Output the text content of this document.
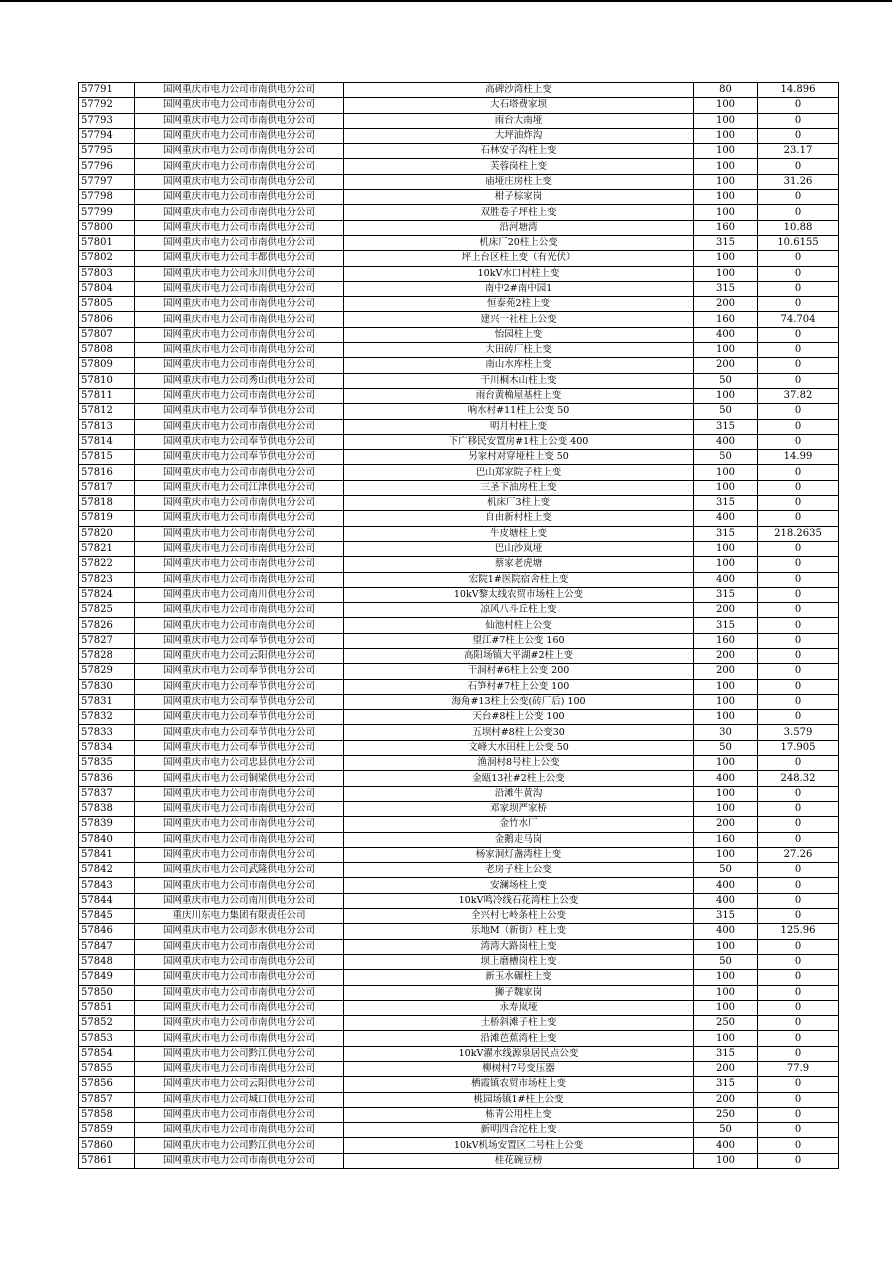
57791	国网重庆市电力公司市南供电分公司	高碑沙湾柱上变	80	14.896
57792	国网重庆市电力公司市南供电分公司	大石塔费家坝	100	0
57793	国网重庆市电力公司市南供电分公司	雨台大南垭	100	0
57794	国网重庆市电力公司市南供电分公司	大坪油炸沟	100	0
57795	国网重庆市电力公司市南供电分公司	石林安子沟柱上变	100	23.17
57796	国网重庆市电力公司市南供电分公司	芙蓉岗柱上变	100	0
57797	国网重庆市电力公司市南供电分公司	庙垭庄房柱上变	100	31.26
57798	国网重庆市电力公司市南供电分公司	柑子棕家岗	100	0
57799	国网重庆市电力公司市南供电分公司	双胜卷子坪柱上变	100	0
57800	国网重庆市电力公司市南供电分公司	沿河塘湾	160	10.88
57801	国网重庆市电力公司市南供电分公司	机床厂20柱上公变	315	10.6155
57802	国网重庆市电力公司丰都供电分公司	坪上台区柱上变（有光伏）	100	0
57803	国网重庆市电力公司永川供电分公司	10kV水口村柱上变	100	0
57804	国网重庆市电力公司市南供电分公司	南中2#南中园1	315	0
57805	国网重庆市电力公司市南供电分公司	恒泰苑2柱上变	200	0
57806	国网重庆市电力公司市南供电分公司	建兴一社柱上公变	160	74.704
57807	国网重庆市电力公司市南供电分公司	怡园柱上变	400	0
57808	国网重庆市电力公司市南供电分公司	大田砖厂柱上变	100	0
57809	国网重庆市电力公司市南供电分公司	南山水库柱上变	200	0
57810	国网重庆市电力公司秀山供电分公司	干川桐木山柱上变	50	0
57811	国网重庆市电力公司市南供电分公司	雨台黄桷屋基柱上变	100	37.82
57812	国网重庆市电力公司奉节供电分公司	响水村#11柱上公变 50	50	0
57813	国网重庆市电力公司市南供电分公司	明月村柱上变	315	0
57814	国网重庆市电力公司奉节供电分公司	下广移民安置房#1柱上公变 400	400	0
57815	国网重庆市电力公司奉节供电分公司	另家村对穿垭柱上变 50	50	14.99
57816	国网重庆市电力公司市南供电分公司	巴山郑家院子柱上变	100	0
57817	国网重庆市电力公司江津供电分公司	三圣下油房柱上变	100	0
57818	国网重庆市电力公司市南供电分公司	机床厂3柱上变	315	0
57819	国网重庆市电力公司市南供电分公司	自由新村柱上变	400	0
57820	国网重庆市电力公司市南供电分公司	牛皮塘柱上变	315	218.2635
57821	国网重庆市电力公司市南供电分公司	巴山沙岚垭	100	0
57822	国网重庆市电力公司市南供电分公司	蔡家老虎塘	100	0
57823	国网重庆市电力公司市南供电分公司	宏院1#医院宿舍柱上变	400	0
57824	国网重庆市电力公司南川供电分公司	10kV黎太线农贸市场柱上公变	315	0
57825	国网重庆市电力公司市南供电分公司	凉风八斗丘柱上变	200	0
57826	国网重庆市电力公司市南供电分公司	仙池村柱上公变	315	0
57827	国网重庆市电力公司奉节供电分公司	望江#7柱上公变 160	160	0
57828	国网重庆市电力公司云阳供电分公司	高阳场镇大平湖#2柱上变	200	0
57829	国网重庆市电力公司奉节供电分公司	干洞村#6柱上公变 200	200	0
57830	国网重庆市电力公司奉节供电分公司	石笋村#7柱上公变 100	100	0
57831	国网重庆市电力公司奉节供电分公司	海角#13柱上公变(砖厂后) 100	100	0
57832	国网重庆市电力公司奉节供电分公司	天台#8柱上公变 100	100	0
57833	国网重庆市电力公司奉节供电分公司	五坝村#8柱上公变30	30	3.579
57834	国网重庆市电力公司奉节供电分公司	文峰大水田柱上公变 50	50	17.905
57835	国网重庆市电力公司忠县供电分公司	渔洞村8号柱上公变	100	0
57836	国网重庆市电力公司铜梁供电分公司	金瓯13社#2柱上公变	400	248.32
57837	国网重庆市电力公司市南供电分公司	沿滩牛黄沟	100	0
57838	国网重庆市电力公司市南供电分公司	邓家坝严家桥	100	0
57839	国网重庆市电力公司市南供电分公司	金竹水厂	200	0
57840	国网重庆市电力公司市南供电分公司	金鹅走马岗	160	0
57841	国网重庆市电力公司市南供电分公司	杨家洞灯盏湾柱上变	100	27.26
57842	国网重庆市电力公司武隆供电分公司	老房子柱上公变	50	0
57843	国网重庆市电力公司市南供电分公司	安澜场柱上变	400	0
57844	国网重庆市电力公司南川供电分公司	10kV鸣冷线石花湾柱上公变	400	0
57845	重庆川东电力集团有限责任公司	全兴村七岭条柱上公变	315	0
57846	国网重庆市电力公司彭水供电分公司	乐地M（新街）柱上变	400	125.96
57847	国网重庆市电力公司市南供电分公司	湾湾大路岗柱上变	100	0
57848	国网重庆市电力公司市南供电分公司	坝上磨槽岗柱上变	50	0
57849	国网重庆市电力公司市南供电分公司	新玉水碾柱上变	100	0
57850	国网重庆市电力公司市南供电分公司	狮子魏家岗	100	0
57851	国网重庆市电力公司市南供电分公司	永寿岚垭	100	0
57852	国网重庆市电力公司市南供电分公司	土桥斜滩子柱上变	250	0
57853	国网重庆市电力公司市南供电分公司	沿滩芭蕉湾柱上变	100	0
57854	国网重庆市电力公司黔江供电分公司	10kV濯水线源泉居民点公变	315	0
57855	国网重庆市电力公司市南供电分公司	柳树村7号变压器	200	77.9
57856	国网重庆市电力公司云阳供电分公司	栖霞镇农贸市场柱上变	315	0
57857	国网重庆市电力公司城口供电分公司	桃园场镇1#柱上公变	200	0
57858	国网重庆市电力公司市南供电分公司	栋青公用柱上变	250	0
57859	国网重庆市电力公司市南供电分公司	新明四合沱柱上变	50	0
57860	国网重庆市电力公司黔江供电分公司	10kV机场安置区二号柱上公变	400	0
57861	国网重庆市电力公司市南供电分公司	桂花碗豆榜	100	0
